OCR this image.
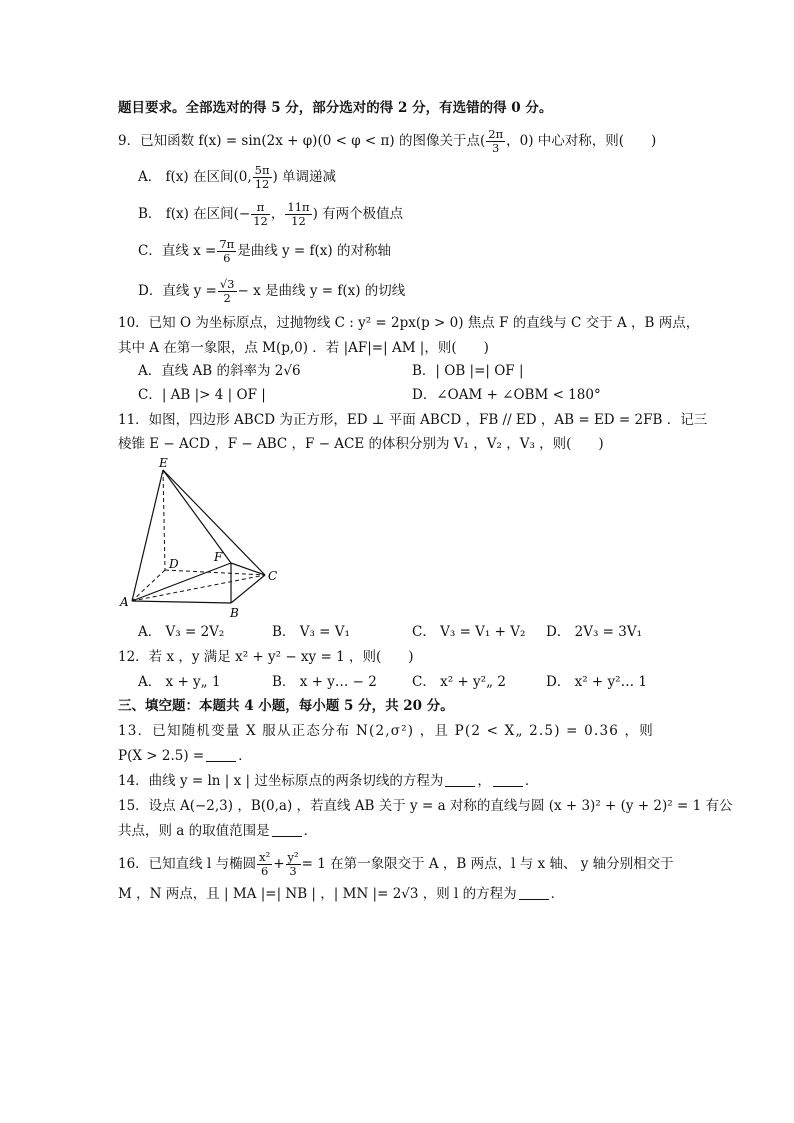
题目要求。全部选对的得 5 分，部分选对的得 2 分，有选错的得 0 分。
9．已知函数 f(x) = sin(2x + φ)(0 < φ < π) 的图像关于点( $\frac{2\pi}{3}$ ，0) 中心对称，则(　　)
A． f(x) 在区间(0, $\frac{5\pi}{12}$ ) 单调递减
B． f(x) 在区间(− $\frac{\pi}{12}$ ， $\frac{11\pi}{12}$ ) 有两个极值点
C．直线 $x = \frac{7\pi}{6}$ 是曲线 y = f(x) 的对称轴
D．直线 $y = \frac{√3}{2} - x$ 是曲线 y = f(x) 的切线
10．已知 O 为坐标原点，过抛物线 C : y² = 2px(p > 0) 焦点 F 的直线与 C 交于 A ，B 两点，
其中 A 在第一象限，点 M(p,0) ．若 |AF|=| AM |，则(　　)
A．直线 AB 的斜率为 2√6	B．| OB |=| OF |
C．| AB |> 4 | OF |	D．∠OAM + ∠OBM < 180°
11．如图，四边形 ABCD 为正方形，ED ⊥ 平面 ABCD ，FB // ED ，AB = ED = 2FB ．记三
棱锥 E − ACD ，F − ABC ，F − ACE 的体积分别为 V₁ ，V₂ ，V₃ ，则(　　)
E
D	F
C
A
B
A． V₃ = 2V₂	B． V₃ = V₁	C． V₃ = V₁ + V₂ D． 2V₃ = 3V₁
12．若 x ，y 满足 x² + y² − xy = 1 ，则(　　)
A． x + y„ 1	B． x + y… − 2	C． x² + y²„ 2	D． x² + y²… 1
三、填空题：本题共 4 小题，每小题 5 分，共 20 分。
13．已知随机变量 X 服从正态分布 N(2,σ²) ，且 P(2 < X„ 2.5) = 0.36 ，则
P(X > 2.5) =	．
14．曲线 y = ln | x | 过坐标原点的两条切线的方程为	，	．
15．设点 A(−2,3) ，B(0,a) ，若直线 AB 关于 y = a 对称的直线与圆 (x + 3)² + (y + 2)² = 1 有公
共点，则 a 的取值范围是	．
16．已知直线 l 与椭圆 $\frac{\text{x²}}{6} + \frac{\text{y²}}{3} = 1$ 在第一象限交于 A ，B 两点，l 与 x 轴、 y 轴分别相交于
M ，N 两点，且 | MA |=| NB | ，| MN |= 2√3 ，则 l 的方程为	．
